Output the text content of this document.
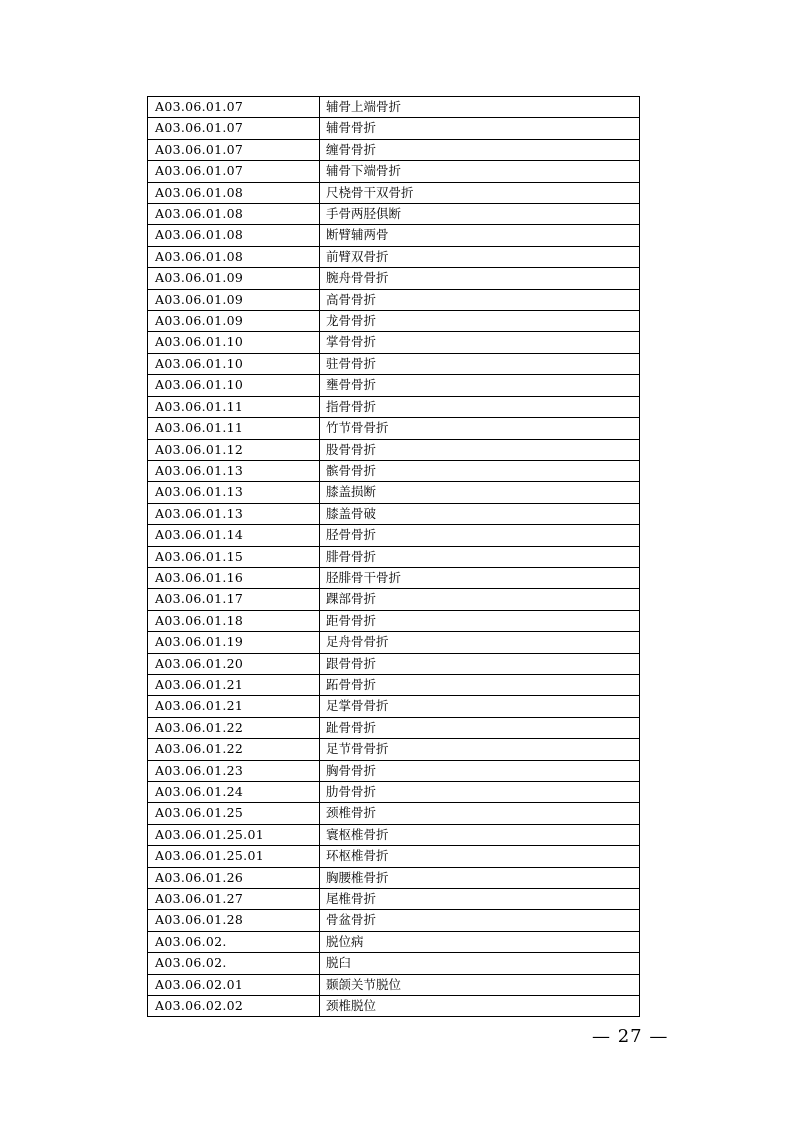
A03.06.01.07	辅骨上端骨折
A03.06.01.07	辅骨骨折
A03.06.01.07	缠骨骨折
A03.06.01.07	辅骨下端骨折
A03.06.01.08	尺桡骨干双骨折
A03.06.01.08	手骨两胫俱断
A03.06.01.08	断臂辅两骨
A03.06.01.08	前臂双骨折
A03.06.01.09	腕舟骨骨折
A03.06.01.09	高骨骨折
A03.06.01.09	龙骨骨折
A03.06.01.10	掌骨骨折
A03.06.01.10	驻骨骨折
A03.06.01.10	壅骨骨折
A03.06.01.11	指骨骨折
A03.06.01.11	竹节骨骨折
A03.06.01.12	股骨骨折
A03.06.01.13	髌骨骨折
A03.06.01.13	膝盖损断
A03.06.01.13	膝盖骨破
A03.06.01.14	胫骨骨折
A03.06.01.15	腓骨骨折
A03.06.01.16	胫腓骨干骨折
A03.06.01.17	踝部骨折
A03.06.01.18	距骨骨折
A03.06.01.19	足舟骨骨折
A03.06.01.20	跟骨骨折
A03.06.01.21	跖骨骨折
A03.06.01.21	足掌骨骨折
A03.06.01.22	趾骨骨折
A03.06.01.22	足节骨骨折
A03.06.01.23	胸骨骨折
A03.06.01.24	肋骨骨折
A03.06.01.25	颈椎骨折
A03.06.01.25.01	寰枢椎骨折
A03.06.01.25.01	环枢椎骨折
A03.06.01.26	胸腰椎骨折
A03.06.01.27	尾椎骨折
A03.06.01.28	骨盆骨折
A03.06.02.	脱位病
A03.06.02.	脱臼
A03.06.02.01	颞颌关节脱位
A03.06.02.02	颈椎脱位
— 27 —
